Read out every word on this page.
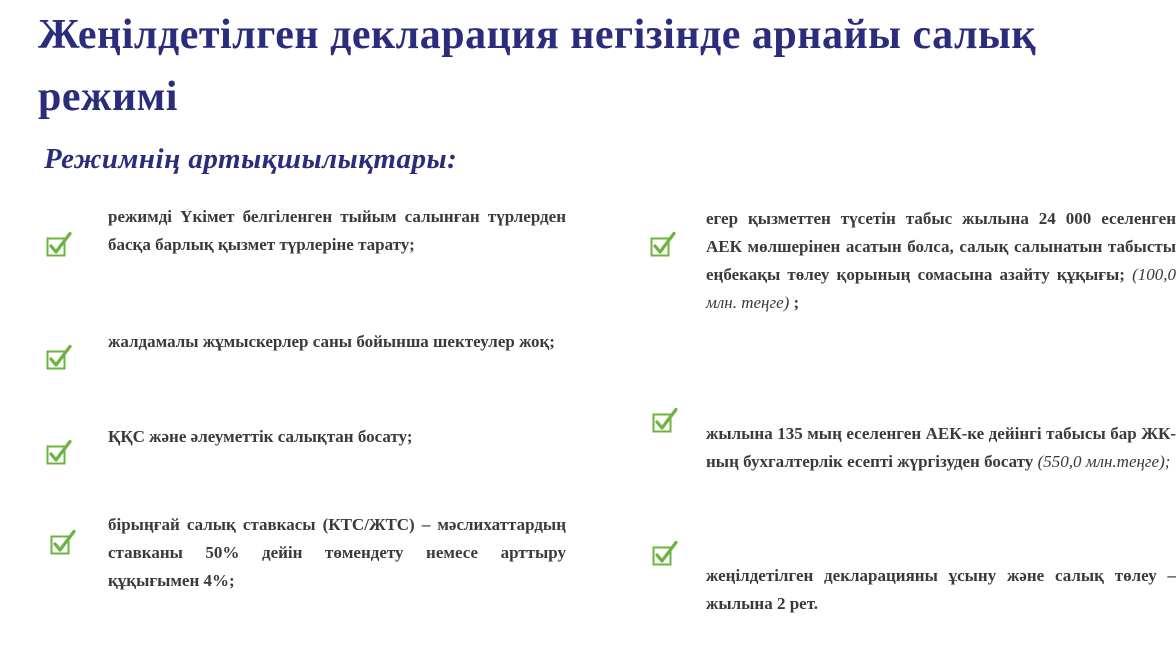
Жеңілдетілген декларация негізінде арнайы салық режимі
Режимнің артықшылықтары:

режимді Үкімет белгіленген тыйым салынған түрлерден басқа барлық қызмет түрлеріне тарату;

жалдамалы жұмыскерлер саны бойынша шектеулер жоқ;

ҚҚС және әлеуметтік салықтан босату;

бірыңғай салық ставкасы (КТС/ЖТС) – мәслихаттардың ставканы 50% дейін төмендету немесе арттыру құқығымен 4%;

егер қызметтен түсетін табыс жылына 24 000 еселенген АЕК мөлшерінен асатын болса, салық салынатын табысты еңбекақы төлеу қорының сомасына азайту құқығы; (100,0 млн. теңге) ;

жылына 135 мың еселенген АЕК-ке дейінгі табысы бар ЖК-ның бухгалтерлік есепті жүргізуден босату (550,0 млн.теңге);

жеңілдетілген декларацияны ұсыну және салық төлеу – жылына 2 рет.
